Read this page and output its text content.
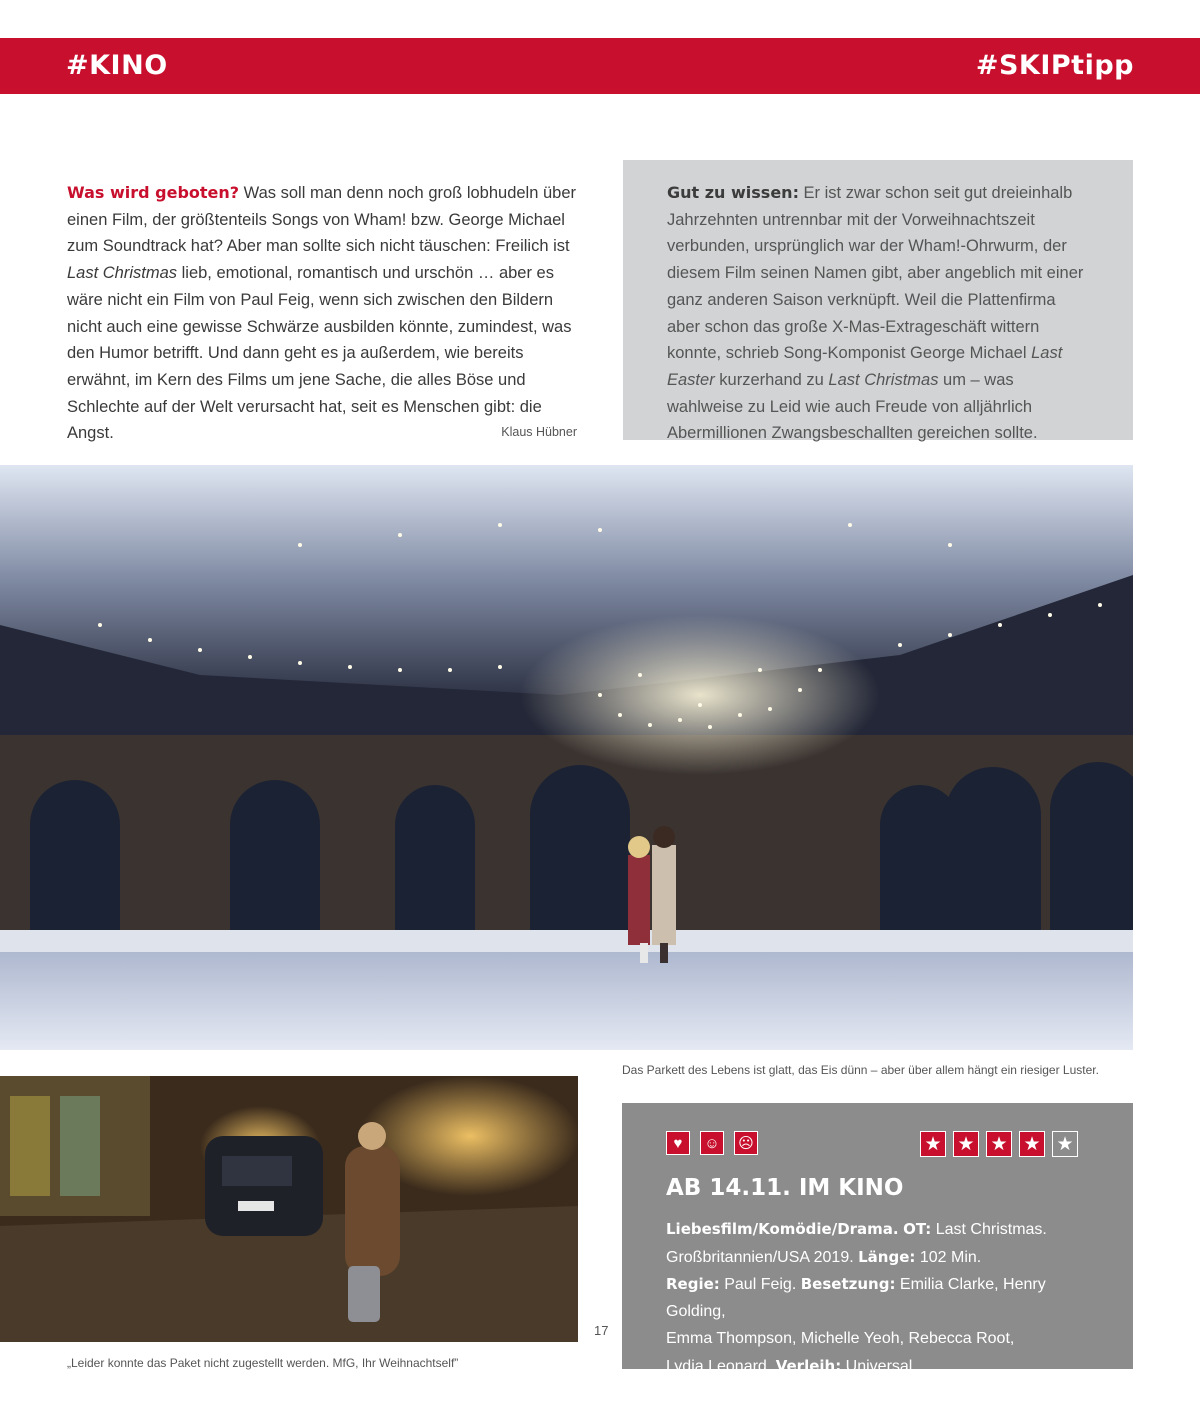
#KINO	#SKIPtipp
Was wird geboten? Was soll man denn noch groß lobhudeln über einen Film, der größtenteils Songs von Wham! bzw. George Michael zum Soundtrack hat? Aber man sollte sich nicht täuschen: Freilich ist Last Christmas lieb, emotional, romantisch und urschön … aber es wäre nicht ein Film von Paul Feig, wenn sich zwischen den Bildern nicht auch eine gewisse Schwärze ausbilden könnte, zumindest, was den Humor betrifft. Und dann geht es ja außerdem, wie bereits erwähnt, im Kern des Films um jene Sache, die alles Böse und Schlechte auf der Welt verursacht hat, seit es Menschen gibt: die Angst.	Klaus Hübner
Gut zu wissen: Er ist zwar schon seit gut dreieinhalb Jahrzehnten untrennbar mit der Vorweihnachtszeit verbunden, ursprünglich war der Wham!-Ohrwurm, der diesem Film seinen Namen gibt, aber angeblich mit einer ganz anderen Saison verknüpft. Weil die Plattenfirma aber schon das große X-Mas-Extrageschäft wittern konnte, schrieb Song-Komponist George Michael Last Easter kurzerhand zu Last Christmas um – was wahlweise zu Leid wie auch Freude von alljährlich Abermillionen Zwangsbeschallten gereichen sollte.
Das Parkett des Lebens ist glatt, das Eis dünn – aber über allem hängt ein riesiger Luster.
„Leider konnte das Paket nicht zugestellt werden. MfG, Ihr Weihnachtself”
17
♥	☺ ☹	★ ★ ★ ★ ★
AB 14.11. IM KINO
Liebesfilm/Komödie/Drama. OT: Last Christmas.
Großbritannien/USA 2019. Länge: 102 Min.
Regie: Paul Feig. Besetzung: Emilia Clarke, Henry Golding,
Emma Thompson, Michelle Yeoh, Rebecca Root,
Lydia Leonard. Verleih: Universal.
